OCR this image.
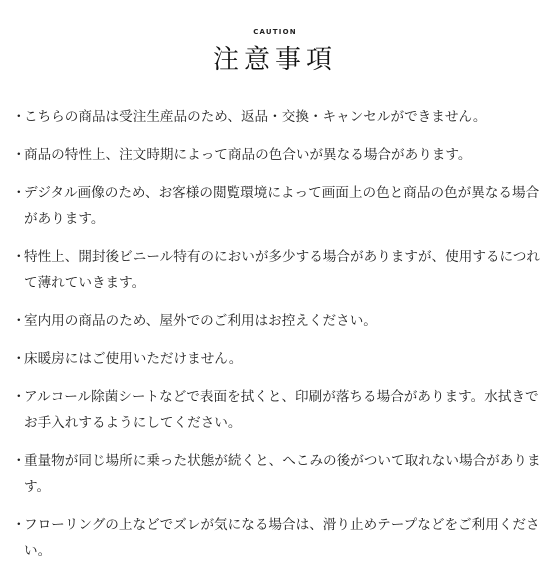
CAUTION
注意事項
・
こちらの商品は受注生産品のため、返品・交換・キャンセルができません。
・
商品の特性上、注文時期によって商品の色合いが異なる場合があります。
・
デジタル画像のため、お客様の閲覧環境によって画面上の色と商品の色が異なる場合があります。
・
特性上、開封後ビニール特有のにおいが多少する場合がありますが、使用するにつれて薄れていきます。
・
室内用の商品のため、屋外でのご利用はお控えください。
・
床暖房にはご使用いただけません。
・
アルコール除菌シートなどで表面を拭くと、印刷が落ちる場合があります。水拭きでお手入れするようにしてください。
・
重量物が同じ場所に乗った状態が続くと、へこみの後がついて取れない場合があります。
・
フローリングの上などでズレが気になる場合は、滑り止めテープなどをご利用ください。
